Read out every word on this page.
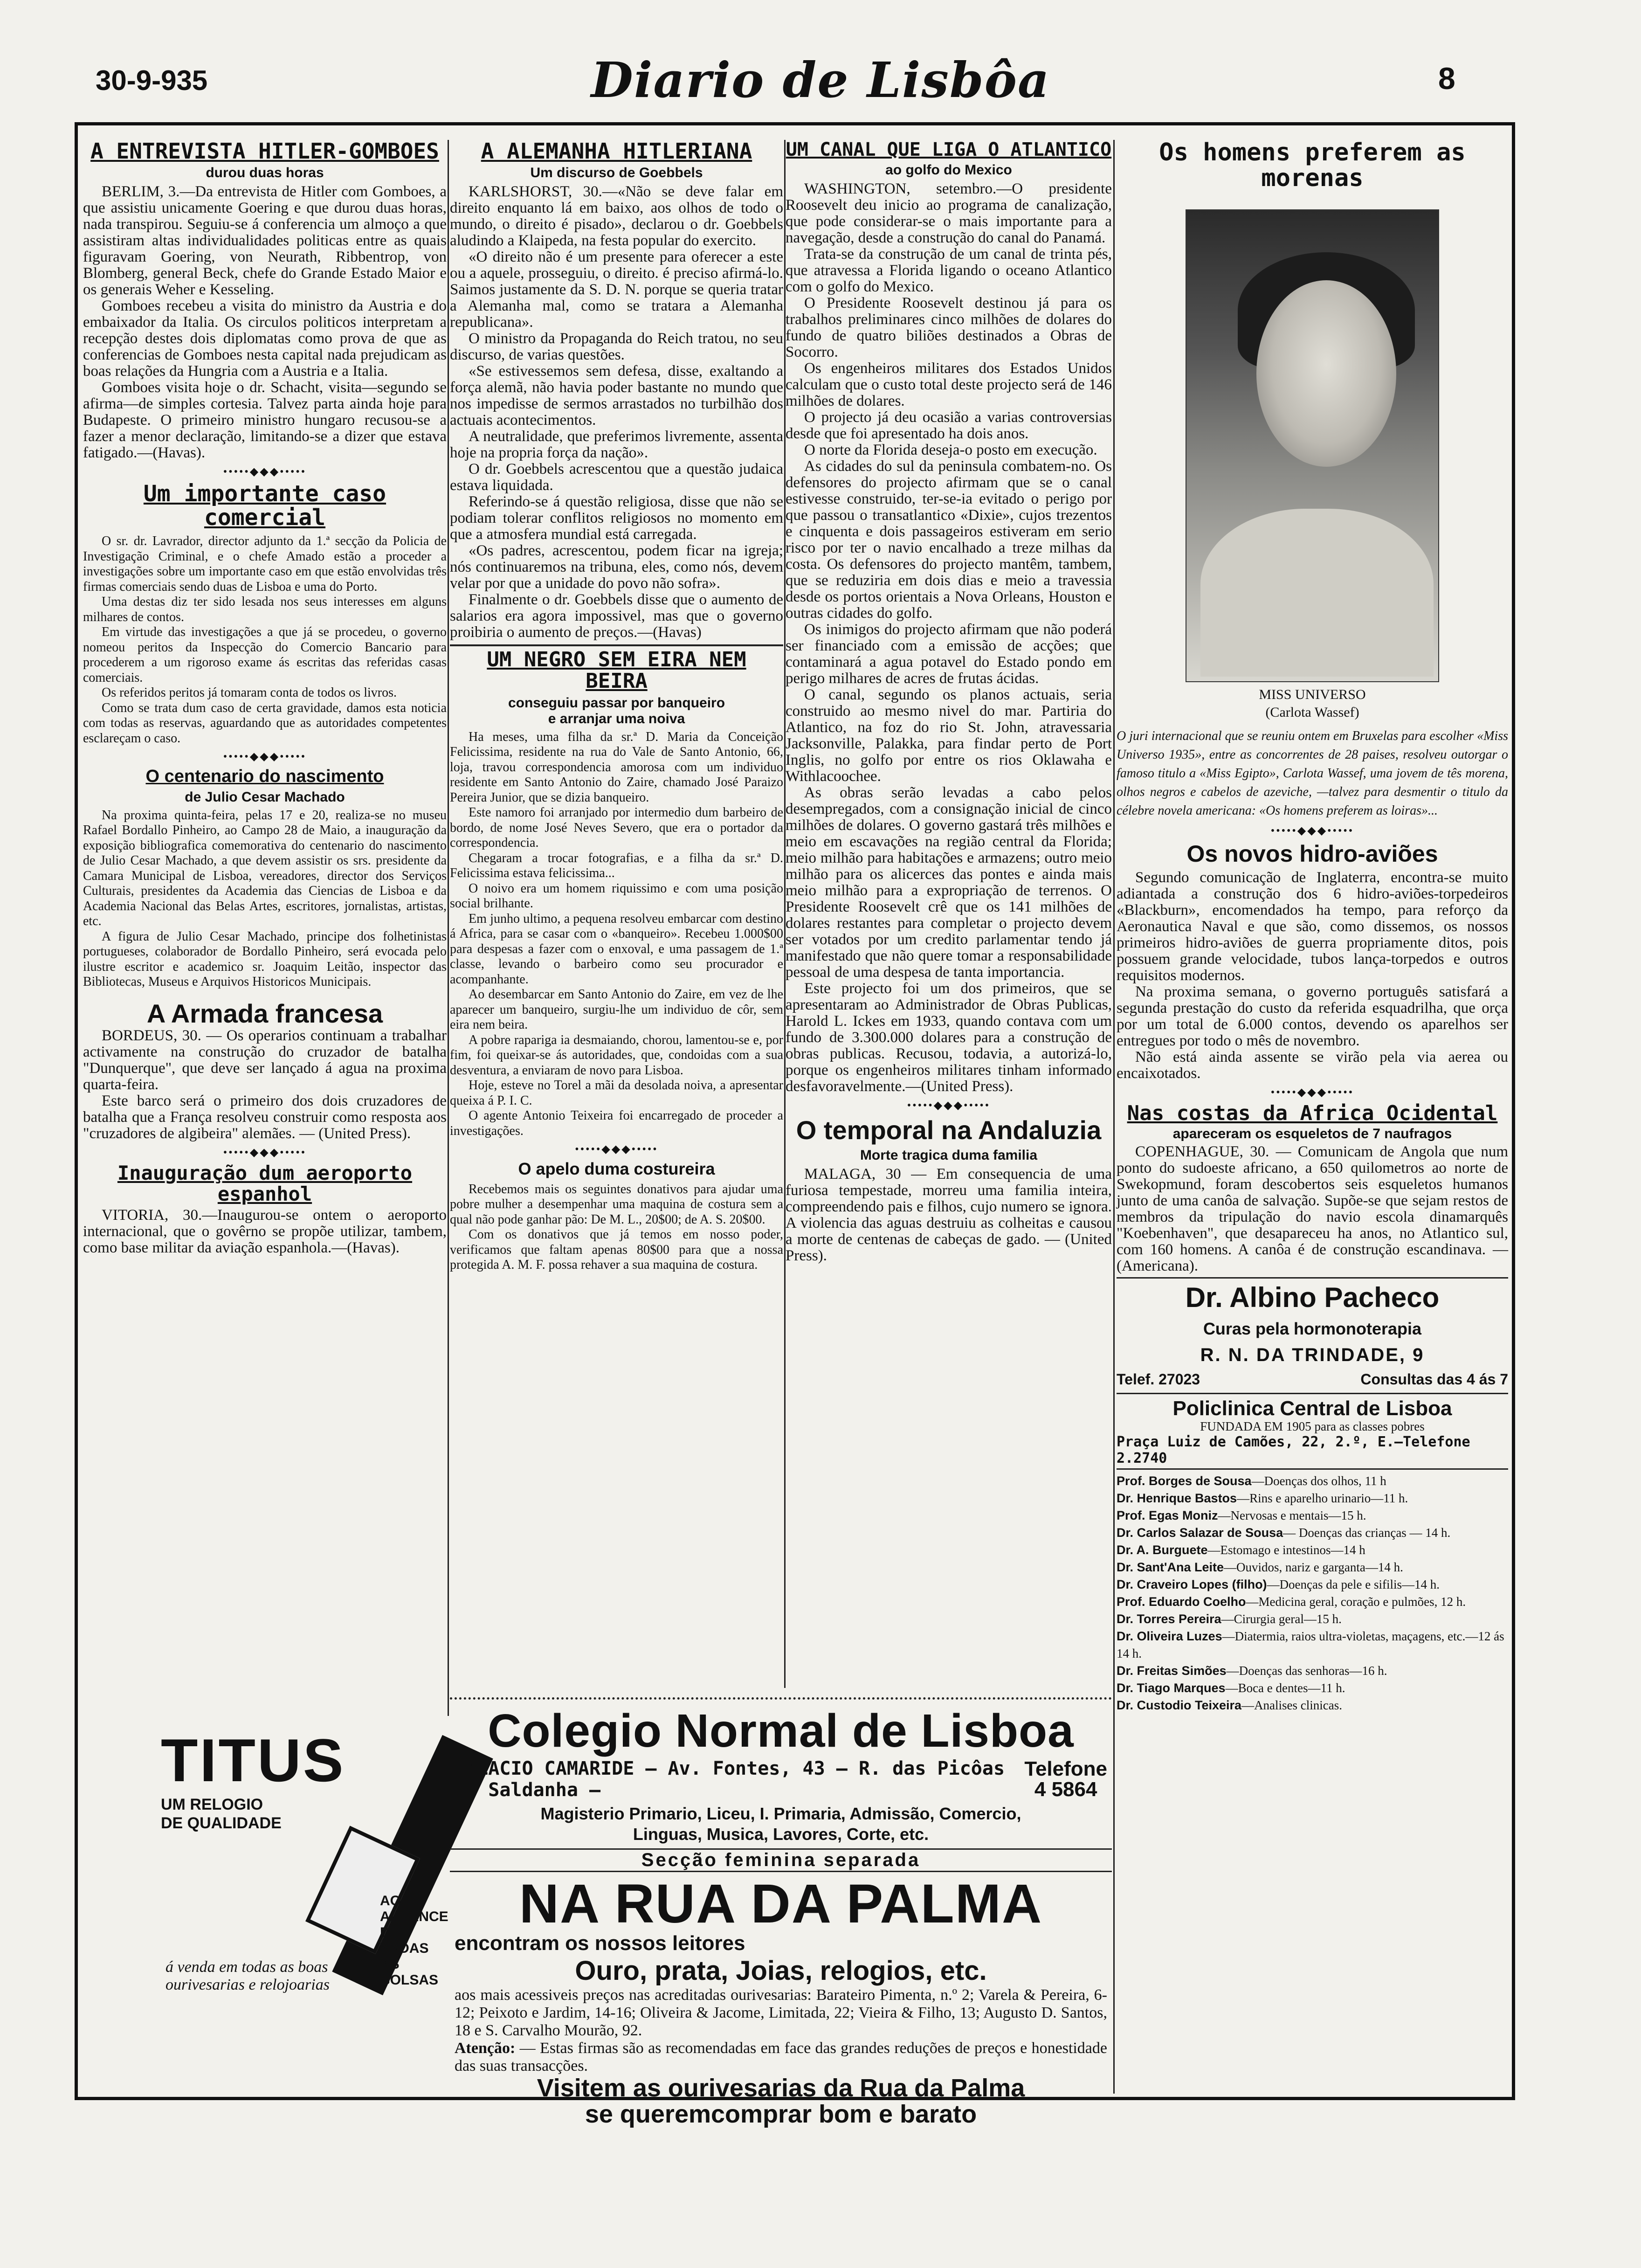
30-9-935	Diario de Lisbôa	8
A ENTREVISTA HITLER-GOMBOES
durou duas horas

BERLIM, 3.—Da entrevista de Hitler com Gomboes, a que assistiu unicamente Goering e que durou duas horas, nada transpirou. Seguiu-se á conferencia um almoço a que assistiram altas individualidades politicas entre as quais figuravam Goering, von Neurath, Ribbentrop, von Blomberg, general Beck, chefe do Grande Estado Maior e os generais Weher e Kesseling.

Gomboes recebeu a visita do ministro da Austria e do embaixador da Italia. Os circulos politicos interpretam a recepção destes dois diplomatas como prova de que as conferencias de Gomboes nesta capital nada prejudicam as boas relações da Hungria com a Austria e a Italia.

Gomboes visita hoje o dr. Schacht, visita—segundo se afirma—de simples cortesia. Talvez parta ainda hoje para Budapeste. O primeiro ministro hungaro recusou-se a fazer a menor declaração, limitando-se a dizer que estava fatigado.—(Havas).

•••••◆◆◆•••••
Um importante caso comercial

O sr. dr. Lavrador, director adjunto da 1.ª secção da Policia de Investigação Criminal, e o chefe Amado estão a proceder a investigações sobre um importante caso em que estão envolvidas três firmas comerciais sendo duas de Lisboa e uma do Porto.

Uma destas diz ter sido lesada nos seus interesses em alguns milhares de contos.

Em virtude das investigações a que já se procedeu, o governo nomeou peritos da Inspecção do Comercio Bancario para procederem a um rigoroso exame ás escritas das referidas casas comerciais.

Os referidos peritos já tomaram conta de todos os livros.

Como se trata dum caso de certa gravidade, damos esta noticia com todas as reservas, aguardando que as autoridades competentes esclareçam o caso.

•••••◆◆◆•••••
O centenario do nascimento
de Julio Cesar Machado

Na proxima quinta-feira, pelas 17 e 20, realiza-se no museu Rafael Bordallo Pinheiro, ao Campo 28 de Maio, a inauguração da exposição bibliografica comemorativa do centenario do nascimento de Julio Cesar Machado, a que devem assistir os srs. presidente da Camara Municipal de Lisboa, vereadores, director dos Serviços Culturais, presidentes da Academia das Ciencias de Lisboa e da Academia Nacional das Belas Artes, escritores, jornalistas, artistas, etc.

A figura de Julio Cesar Machado, principe dos folhetinistas portugueses, colaborador de Bordallo Pinheiro, será evocada pelo ilustre escritor e academico sr. Joaquim Leitão, inspector das Bibliotecas, Museus e Arquivos Historicos Municipais.

A Armada francesa

BORDEUS, 30. — Os operarios continuam a trabalhar activamente na construção do cruzador de batalha "Dunquerque", que deve ser lançado á agua na proxima quarta-feira.

Este barco será o primeiro dos dois cruzadores de batalha que a França resolveu construir como resposta aos "cruzadores de algibeira" alemães. — (United Press).

•••••◆◆◆•••••
Inauguração dum aeroporto espanhol

VITORIA, 30.—Inaugurou-se ontem o aeroporto internacional, que o govêrno se propõe utilizar, tambem, como base militar da aviação espanhola.—(Havas).

TITUS
UM RELOGIO
DE QUALIDADE
AO ALCANCE
DE TODAS AS
BOLSAS
á venda em todas as boas
ourivesarias e relojoarias
A ALEMANHA HITLERIANA
Um discurso de Goebbels

KARLSHORST, 30.—«Não se deve falar em direito enquanto lá em baixo, aos olhos de todo o mundo, o direito é pisado», declarou o dr. Goebbels aludindo a Klaipeda, na festa popular do exercito.

«O direito não é um presente para oferecer a este ou a aquele, prosseguiu, o direito. é preciso afirmá-lo. Saimos justamente da S. D. N. porque se queria tratar a Alemanha mal, como se tratara a Alemanha republicana».

O ministro da Propaganda do Reich tratou, no seu discurso, de varias questões.

«Se estivessemos sem defesa, disse, exaltando a força alemã, não havia poder bastante no mundo que nos impedisse de sermos arrastados no turbilhão dos actuais acontecimentos.

A neutralidade, que preferimos livremente, assenta hoje na propria força da nação».

O dr. Goebbels acrescentou que a questão judaica estava liquidada.

Referindo-se á questão religiosa, disse que não se podiam tolerar conflitos religiosos no momento em que a atmosfera mundial está carregada.

«Os padres, acrescentou, podem ficar na igreja; nós continuaremos na tribuna, eles, como nós, devem velar por que a unidade do povo não sofra».

Finalmente o dr. Goebbels disse que o aumento de salarios era agora impossivel, mas que o governo proibiria o aumento de preços.—(Havas)

UM NEGRO SEM EIRA NEM BEIRA
conseguiu passar por banqueiro
e arranjar uma noiva

Ha meses, uma filha da sr.ª D. Maria da Conceição Felicissima, residente na rua do Vale de Santo Antonio, 66, loja, travou correspondencia amorosa com um individuo residente em Santo Antonio do Zaire, chamado José Paraizo Pereira Junior, que se dizia banqueiro.

Este namoro foi arranjado por intermedio dum barbeiro de bordo, de nome José Neves Severo, que era o portador da correspondencia.

Chegaram a trocar fotografias, e a filha da sr.ª D. Felicissima estava felicissima...

O noivo era um homem riquissimo e com uma posição social brilhante.

Em junho ultimo, a pequena resolveu embarcar com destino á Africa, para se casar com o «banqueiro». Recebeu 1.000$00 para despesas a fazer com o enxoval, e uma passagem de 1.ª classe, levando o barbeiro como seu procurador e acompanhante.

Ao desembarcar em Santo Antonio do Zaire, em vez de lhe aparecer um banqueiro, surgiu-lhe um individuo de côr, sem eira nem beira.

A pobre rapariga ia desmaiando, chorou, lamentou-se e, por fim, foi queixar-se ás autoridades, que, condoidas com a sua desventura, a enviaram de novo para Lisboa.

Hoje, esteve no Torel a mãi da desolada noiva, a apresentar queixa á P. I. C.

O agente Antonio Teixeira foi encarregado de proceder a investigações.

•••••◆◆◆•••••
O apelo duma costureira

Recebemos mais os seguintes donativos para ajudar uma pobre mulher a desempenhar uma maquina de costura sem a qual não pode ganhar pão: De M. L., 20$00; de A. S. 20$00.

Com os donativos que já temos em nosso poder, verificamos que faltam apenas 80$00 para que a nossa protegida A. M. F. possa rehaver a sua maquina de costura.

UM CANAL QUE LIGA O ATLANTICO
ao golfo do Mexico

WASHINGTON, setembro.—O presidente Roosevelt deu inicio ao programa de canalização, que pode considerar-se o mais importante para a navegação, desde a construção do canal do Panamá.

Trata-se da construção de um canal de trinta pés, que atravessa a Florida ligando o oceano Atlantico com o golfo do Mexico.

O Presidente Roosevelt destinou já para os trabalhos preliminares cinco milhões de dolares do fundo de quatro biliões destinados a Obras de Socorro.

Os engenheiros militares dos Estados Unidos calculam que o custo total deste projecto será de 146 milhões de dolares.

O projecto já deu ocasião a varias controversias desde que foi apresentado ha dois anos.

O norte da Florida deseja-o posto em execução.

As cidades do sul da peninsula combatem-no. Os defensores do projecto afirmam que se o canal estivesse construido, ter-se-ia evitado o perigo por que passou o transatlantico «Dixie», cujos trezentos e cinquenta e dois passageiros estiveram em serio risco por ter o navio encalhado a treze milhas da costa. Os defensores do projecto mantêm, tambem, que se reduziria em dois dias e meio a travessia desde os portos orientais a Nova Orleans, Houston e outras cidades do golfo.

Os inimigos do projecto afirmam que não poderá ser financiado com a emissão de acções; que contaminará a agua potavel do Estado pondo em perigo milhares de acres de frutas ácidas.

O canal, segundo os planos actuais, seria construido ao mesmo nivel do mar. Partiria do Atlantico, na foz do rio St. John, atravessaria Jacksonville, Palakka, para findar perto de Port Inglis, no golfo por entre os rios Oklawaha e Withlacoochee.

As obras serão levadas a cabo pelos desempregados, com a consignação inicial de cinco milhões de dolares. O governo gastará três milhões e meio em escavações na região central da Florida; meio milhão para habitações e armazens; outro meio milhão para os alicerces das pontes e ainda mais meio milhão para a expropriação de terrenos. O Presidente Roosevelt crê que os 141 milhões de dolares restantes para completar o projecto devem ser votados por um credito parlamentar tendo já manifestado que não quere tomar a responsabilidade pessoal de uma despesa de tanta importancia.

Este projecto foi um dos primeiros, que se apresentaram ao Administrador de Obras Publicas, Harold L. Ickes em 1933, quando contava com um fundo de 3.300.000 dolares para a construção de obras publicas. Recusou, todavia, a autorizá-lo, porque os engenheiros militares tinham informado desfavoravelmente.—(United Press).

•••••◆◆◆•••••
O temporal na Andaluzia
Morte tragica duma familia

MALAGA, 30 — Em consequencia de uma furiosa tempestade, morreu uma familia inteira, compreendendo pais e filhos, cujo numero se ignora. A violencia das aguas destruiu as colheitas e causou a morte de centenas de cabeças de gado. — (United Press).

Colegio Normal de Lisboa
PALACIO CAMARIDE — Av. Fontes, 43 — R. das Picôas ao Saldanha —
Telefone
4 5864
Magisterio Primario, Liceu, I. Primaria, Admissão, Comercio,
Linguas, Musica, Lavores, Corte, etc.
Secção feminina separada
NA RUA DA PALMA
encontram os nossos leitores
Ouro, prata, Joias, relogios, etc.
aos mais acessiveis preços nas acreditadas ourivesarias: Barateiro Pimenta, n.º 2; Varela & Pereira, 6-12; Peixoto e Jardim, 14-16; Oliveira & Jacome, Limitada, 22; Vieira & Filho, 13; Augusto D. Santos, 18 e S. Carvalho Mourão, 92.
Atenção: — Estas firmas são as recomendadas em face das grandes reduções de preços e honestidade das suas transacções.
Visitem as ourivesarias da Rua da Palma
se queremcomprar bom e barato
Os homens preferem as morenas
MISS UNIVERSO
(Carlota Wassef)
O juri internacional que se reuniu ontem em Bruxelas para escolher «Miss Universo 1935», entre as concorrentes de 28 paises, resolveu outorgar o famoso titulo a «Miss Egipto», Carlota Wassef, uma jovem de tês morena, olhos negros e cabelos de azeviche, —talvez para desmentir o titulo da célebre novela americana: «Os homens preferem as loiras»...
•••••◆◆◆•••••
Os novos hidro-aviões

Segundo comunicação de Inglaterra, encontra-se muito adiantada a construção dos 6 hidro-aviões-torpedeiros «Blackburn», encomendados ha tempo, para reforço da Aeronautica Naval e que são, como dissemos, os nossos primeiros hidro-aviões de guerra propriamente ditos, pois possuem grande velocidade, tubos lança-torpedos e outros requisitos modernos.

Na proxima semana, o governo português satisfará a segunda prestação do custo da referida esquadrilha, que orça por um total de 6.000 contos, devendo os aparelhos ser entregues por todo o mês de novembro.

Não está ainda assente se virão pela via aerea ou encaixotados.

•••••◆◆◆•••••
Nas costas da Africa Ocidental
apareceram os esqueletos de 7 naufragos

COPENHAGUE, 30. — Comunicam de Angola que num ponto do sudoeste africano, a 650 quilometros ao norte de Swekopmund, foram descobertos seis esqueletos humanos junto de uma canôa de salvação. Supõe-se que sejam restos de membros da tripulação do navio escola dinamarquês "Koebenhaven", que desapareceu ha anos, no Atlantico sul, com 160 homens. A canôa é de construção escandinava. — (Americana).

Dr. Albino Pacheco
Curas pela hormonoterapia
R. N. DA TRINDADE, 9
Telef. 27023	Consultas das 4 ás 7
Policlinica Central de Lisboa
FUNDADA EM 1905 para as classes pobres
Praça Luiz de Camões, 22, 2.º, E.—Telefone 2.2740
Prof. Borges de Sousa—Doenças dos olhos, 11 h
Dr. Henrique Bastos—Rins e aparelho urinario—11 h.
Prof. Egas Moniz—Nervosas e mentais—15 h.
Dr. Carlos Salazar de Sousa— Doenças das crianças — 14 h.
Dr. A. Burguete—Estomago e intestinos—14 h
Dr. Sant'Ana Leite—Ouvidos, nariz e garganta—14 h.
Dr. Craveiro Lopes (filho)—Doenças da pele e sifilis—14 h.
Prof. Eduardo Coelho—Medicina geral, coração e pulmões, 12 h.
Dr. Torres Pereira—Cirurgia geral—15 h.
Dr. Oliveira Luzes—Diatermia, raios ultra-violetas, maçagens, etc.—12 ás 14 h.
Dr. Freitas Simões—Doenças das senhoras—16 h.
Dr. Tiago Marques—Boca e dentes—11 h.
Dr. Custodio Teixeira—Analises clinicas.
